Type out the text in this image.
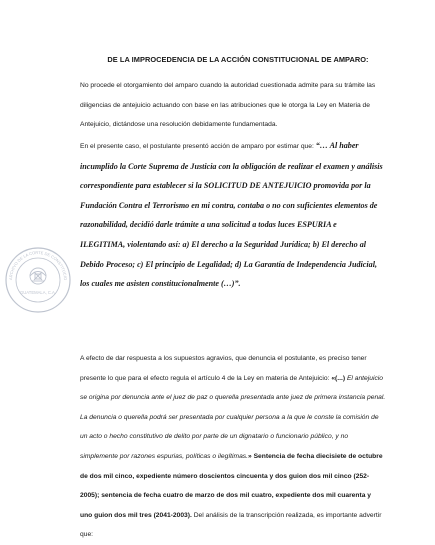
DE LA IMPROCEDENCIA DE LA ACCIÓN CONSTITUCIONAL DE AMPARO:
No procede el otorgamiento del amparo cuando la autoridad cuestionada admite para su trámite las
diligencias de antejuicio actuando con base en las atribuciones que le otorga la Ley en Materia de
Antejuicio, dictándose una resolución debidamente fundamentada.
En el presente caso, el postulante presentó acción de amparo por estimar que: “… Al haber
incumplido la Corte Suprema de Justicia con la obligación de realizar el examen y análisis
correspondiente para establecer si la SOLICITUD DE ANTEJUICIO promovida por la
Fundación Contra el Terrorismo en mi contra, contaba o no con suficientes elementos de
razonabilidad, decidió darle trámite a una solicitud a todas luces ESPURIA e
ILEGITIMA, violentando así: a) El derecho a la Seguridad Jurídica; b) El derecho al
Debido Proceso; c) El principio de Legalidad; d) La Garantía de Independencia Judicial,
los cuales me asisten constitucionalmente (…)”.
A efecto de dar respuesta a los supuestos agravios, que denuncia el postulante, es preciso tener
presente lo que para el efecto regula el artículo 4 de la Ley en materia de Antejuicio: «(...) El antejuicio
se origina por denuncia ante el juez de paz o querella presentada ante juez de primera instancia penal.
La denuncia o querella podrá ser presentada por cualquier persona a la que le conste la comisión de
un acto o hecho constitutivo de delito por parte de un dignatario o funcionario público, y no
simplemente por razones espurias, políticas o ilegítimas.» Sentencia de fecha diecisiete de octubre
de dos mil cinco, expediente número doscientos cincuenta y dos guion dos mil cinco (252-
2005); sentencia de fecha cuatro de marzo de dos mil cuatro, expediente dos mil cuarenta y
uno guion dos mil tres (2041-2003). Del análisis de la transcripción realizada, es importante advertir
que:
GUATEMALA, C.A.
ARCHIVO DE LA CORTE DE CONSTITUCIO
